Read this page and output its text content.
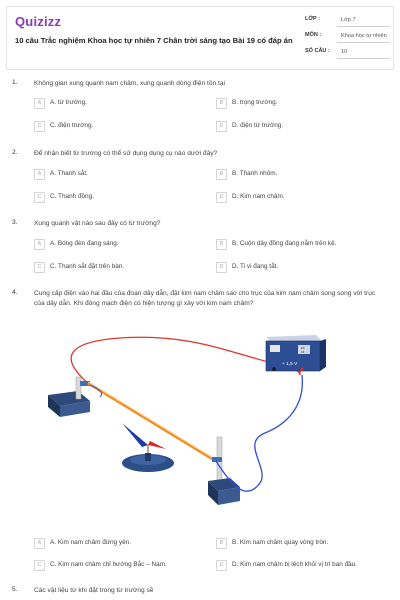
Quizizz
10 câu Trắc nghiệm Khoa học tự nhiên 7 Chân trời sáng tạo Bài 19 có đáp án
LỚP :	Lớp 7
MÔN :	Khoa học tự nhiên
SỐ CÂU :	10
1.	Không gian xung quanh nam châm, xung quanh dòng điện tồn tại
A A. từ trường.	B B. trọng trường.
C C. điện trường.	D D. điện từ trường.
2.	Để nhận biết từ trường có thể sử dụng dụng cụ nào dưới đây?
A A. Thanh sắt.	B B. Thanh nhôm.
C C. Thanh đồng.	D D. Kim nam châm.
3.	Xung quanh vật nào sau đây có từ trường?
A A. Bóng đèn đang sáng.	B B. Cuộn dây đồng đang nằm trên kệ.
C C. Thanh sắt đặt trên bàn.	D D. Ti vi đang tắt.
4.	Cung cấp điện vào hai đầu của đoạn dây dẫn, đặt kim nam châm sao cho trục của kim nam châm song song với trục của dây dẫn. Khi đóng mạch điện có hiện tượng gì xảy với kim nam châm?
Đổi
Off
+ 1,5 V
A A. Kim nam châm đứng yên.	B B. Kim nam châm quay vòng tròn.
C C. Kim nam châm chỉ hướng Bắc – Nam.	D D. Kim nam châm bị lệch khỏi vị trí ban đầu.
5.	Các vật liệu từ khi đặt trong từ trường sẽ
